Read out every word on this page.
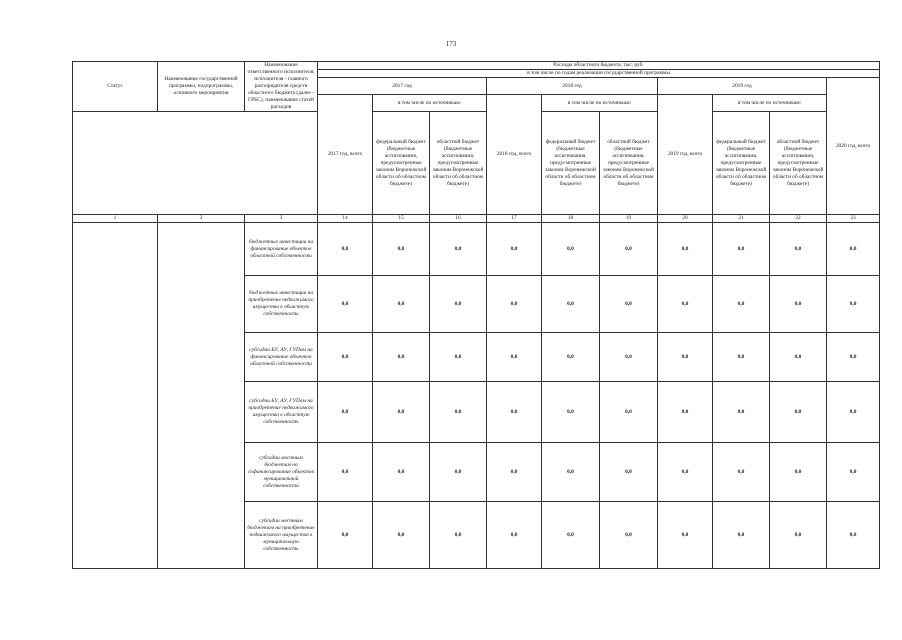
173
Статус	Наименование государственной программы, подпрограммы, основного мероприятия	Наименование ответственного исполнителя, исполнителя - главного распорядителя средств областного бюджета (далее - ГРБС), наименование статей расходов	Расходы областного бюджета, тыс. руб.									
			в том числе по годам реализации государственной программы									
			2017 год			2018 год			2019 год			2020 год, всего
			2017 год, всего	в том числе по источникам:		2018 год, всего	в том числе по источникам:		2019 год, всего	в том числе по источникам:		
				федеральный бюджет (бюджетные ассигнования, предусмотренные законом Воронежской области об областном бюджете)	областной бюджет (бюджетные ассигнования, предусмотренные законом Воронежской области об областном бюджете)		федеральный бюджет (бюджетные ассигнования, предусмотренные законом Воронежской области об областном бюджете)	областной бюджет (бюджетные ассигнования, предусмотренные законом Воронежской области об областном бюджете)		федеральный бюджет (бюджетные ассигнования, предусмотренные законом Воронежской области об областном бюджете)	областной бюджет (бюджетные ассигнования, предусмотренные законом Воронежской области об областном бюджете)	
1	2	3	14	15	16	17	18	19	20	21	22	23
		бюджетные инвестиции на финансирование объектов областной собственности	0,0	0,0	0,0	0,0	0,0	0,0	0,0	0,0	0,0	0,0
		бюджетные инвестиции на приобретение недвижимого имущества в областную собственность	0,0	0,0	0,0	0,0	0,0	0,0	0,0	0,0	0,0	0,0
		субсидии БУ, АУ, ГУПам на финансирование объектов областной собственности	0,0	0,0	0,0	0,0	0,0	0,0	0,0	0,0	0,0	0,0
		субсидии БУ, АУ, ГУПам на приобретение недвижимого имущества в областную собственность	0,0	0,0	0,0	0,0	0,0	0,0	0,0	0,0	0,0	0,0
		субсидии местным бюджетам на софинансирование объектов муниципальной собственности	0,0	0,0	0,0	0,0	0,0	0,0	0,0	0,0	0,0	0,0
		субсидии местным бюджетам на приобретение недвижимого имущества в муниципальную собственность	0,0	0,0	0,0	0,0	0,0	0,0	0,0	0,0	0,0	0,0
